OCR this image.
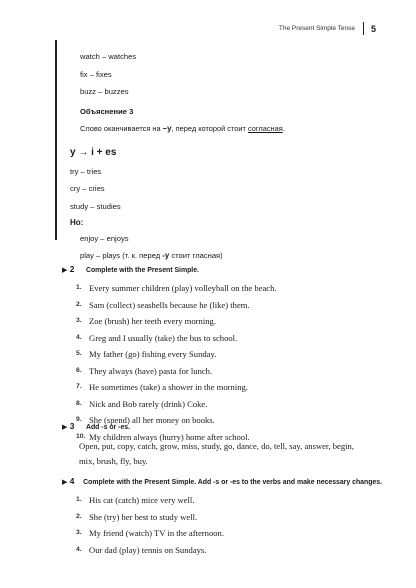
The Present Simple Tense 5
watch – watches
fix – fixes
buzz – buzzes
Объяснение 3
Слово оканчивается на –y, перед которой стоит согласная.
y → i + es
try – tries
cry – cries
study – studies
Но:
enjoy – enjoys
play – plays (т. к. перед -y стоит гласная)
▶ 2	Complete with the Present Simple.
1. Every summer children (play) volleyball on the beach.
2. Sam (collect) seashells because he (like) them.
3. Zoe (brush) her teeth every morning.
4. Greg and I usually (take) the bus to school.
5. My father (go) fishing every Sunday.
6. They always (have) pasta for lunch.
7. He sometimes (take) a shower in the morning.
8. Nick and Bob rarely (drink) Coke.
9. She (spend) all her money on books.
10. My children always (hurry) home after school.
▶ 3	Add -s or -es.
Open, put, copy, catch, grow, miss, study, go, dance, do, tell, say, answer, begin, mix, brush, fly, buy.
▶ 4	Complete with the Present Simple. Add -s or -es to the verbs and make necessary changes.
1. His cat (catch) mice very well.
2. She (try) her best to study well.
3. My friend (watch) TV in the afternoon.
4. Our dad (play) tennis on Sundays.
